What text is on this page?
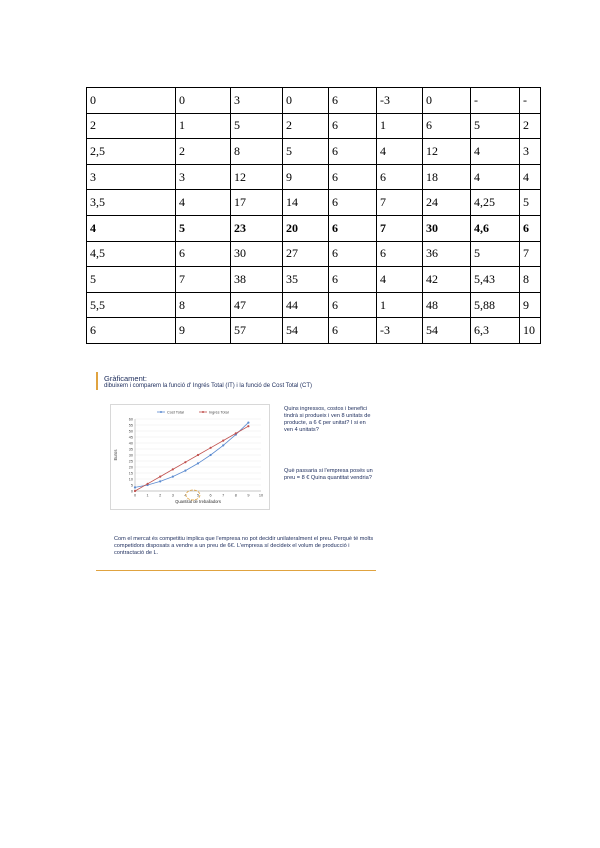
0	0	3	0	6	-3	0	-	-
2	1	5	2	6	1	6	5	2
2,5	2	8	5	6	4	12	4	3
3	3	12	9	6	6	18	4	4
3,5	4	17	14	6	7	24	4,25	5
4	5	23	20	6	7	30	4,6	6
4,5	6	30	27	6	6	36	5	7
5	7	38	35	6	4	42	5,43	8
5,5	8	47	44	6	1	48	5,88	9
6	9	57	54	6	-3	54	6,3	10
Gràficament:
dibuixem i comparem la funció d' Ingrés Total (IT) i la funció de Cost Total (CT)
0
5
10
15
20
25
30
35
40
45
50
55
60
0	1	2	3	4	5	6	7	8	9 10
Quantitat de treballadors
Euros
Cost Total	Ingrés Total
Quins ingressos, costos i benefici tindrà si produeix i ven 8 unitats de producte, a 6 € per unitat? I si en ven 4 unitats?
Què passaria si l'empresa posés un preu = 8 € Quina quantitat vendria?
Com el mercat és competitiu implica que l'empresa no pot decidir unilateralment el preu. Perquè té molts competidors disposats a vendre a un preu de 6€. L'empresa sí decideix el volum de producció i contractació de L.
